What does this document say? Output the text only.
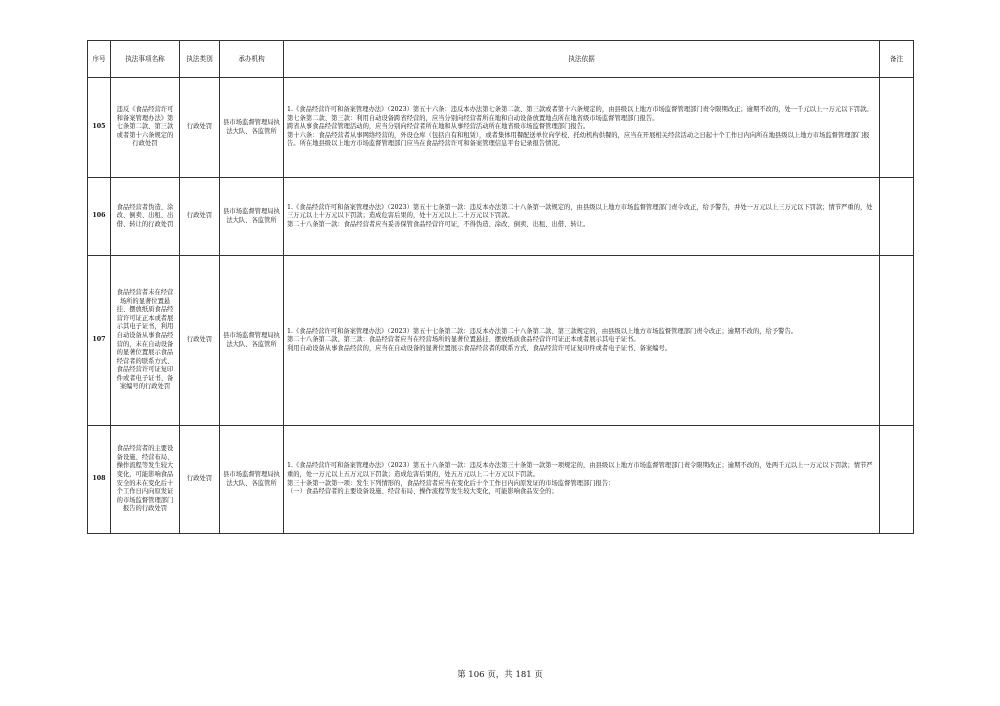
序号	执法事项名称	执法类别	承办机构	执法依据	备注
105	违反《食品经营许可和备案管理办法》第七条第二款、第三款或者第十六条规定的行政处罚	行政处罚	县市场监督管理局执法大队、各监管所	1.《食品经营许可和备案管理办法》（2023）第五十六条：违反本办法第七条第二款、第三款或者第十六条规定的，由县级以上地方市场监督管理部门责令限期改正；逾期不改的，处一千元以上一万元以下罚款。
第七条第二款、第三款：利用自动设备跨省经营的，应当分别向经营者所在地和自动设备放置地点所在地省级市场监督管理部门报告。
跨省从事食品经营管理活动的，应当分别向经营者所在地和从事经营活动所在地省级市场监督管理部门报告。
第十六条：食品经营者从事网络经营的，外设仓库（包括自有和租赁），或者集体用餐配送单位向学校、托幼机构供餐的，应当在开展相关经营活动之日起十个工作日内向所在地县级以上地方市场监督管理部门报告。所在地县级以上地方市场监督管理部门应当在食品经营许可和备案管理信息平台记录报告情况。	

106	食品经营者伪造、涂改、倒卖、出租、出借、转让的行政处罚	行政处罚	县市场监督管理局执法大队、各监管所	1.《食品经营许可和备案管理办法》（2023）第五十七条第一款：违反本办法第二十八条第一款规定的，由县级以上地方市场监督管理部门责令改正，给予警告，并处一万元以上三万元以下罚款；情节严重的，处三万元以上十万元以下罚款；造成危害后果的，处十万元以上二十万元以下罚款。
第二十八条第一款：食品经营者应当妥善保管食品经营许可证，不得伪造、涂改、倒卖、出租、出借、转让。	

107	食品经营者未在经营场所的显著位置悬挂、摆放纸质食品经营许可证正本或者展示其电子证书，利用自动设备从事食品经营的，未在自动设备的显著位置展示食品经营者的联系方式、食品经营许可证复印件或者电子证书、备案编号的行政处罚	行政处罚	县市场监督管理局执法大队、各监管所	1.《食品经营许可和备案管理办法》（2023）第五十七条第二款：违反本办法第二十八条第二款、第三款规定的，由县级以上地方市场监督管理部门责令改正；逾期不改的，给予警告。
第二十八条第二款、第三款：食品经营者应当在经营场所的显著位置悬挂、摆放纸质食品经营许可证正本或者展示其电子证书。
利用自动设备从事食品经营的，应当在自动设备的显著位置展示食品经营者的联系方式、食品经营许可证复印件或者电子证书、备案编号。	

108	食品经营者的主要设备设施、经营布局、操作流程等发生较大变化，可能影响食品安全的未在变化后十个工作日内向原发证的市场监督管理部门报告的行政处罚	行政处罚	县市场监督管理局执法大队、各监管所	1.《食品经营许可和备案管理办法》（2023）第五十八条第一款：违反本办法第三十条第一款第一项规定的，由县级以上地方市场监督管理部门责令限期改正；逾期不改的，处两千元以上一万元以下罚款；情节严重的，处一万元以上五万元以下罚款；造成危害后果的，处五万元以上二十万元以下罚款。
第三十条第一款第一项：发生下列情形的，食品经营者应当在变化后十个工作日内向原发证的市场监督管理部门报告：
（一）食品经营者的主要设备设施、经营布局、操作流程等发生较大变化，可能影响食品安全的；	

第 106 页，共 181 页
